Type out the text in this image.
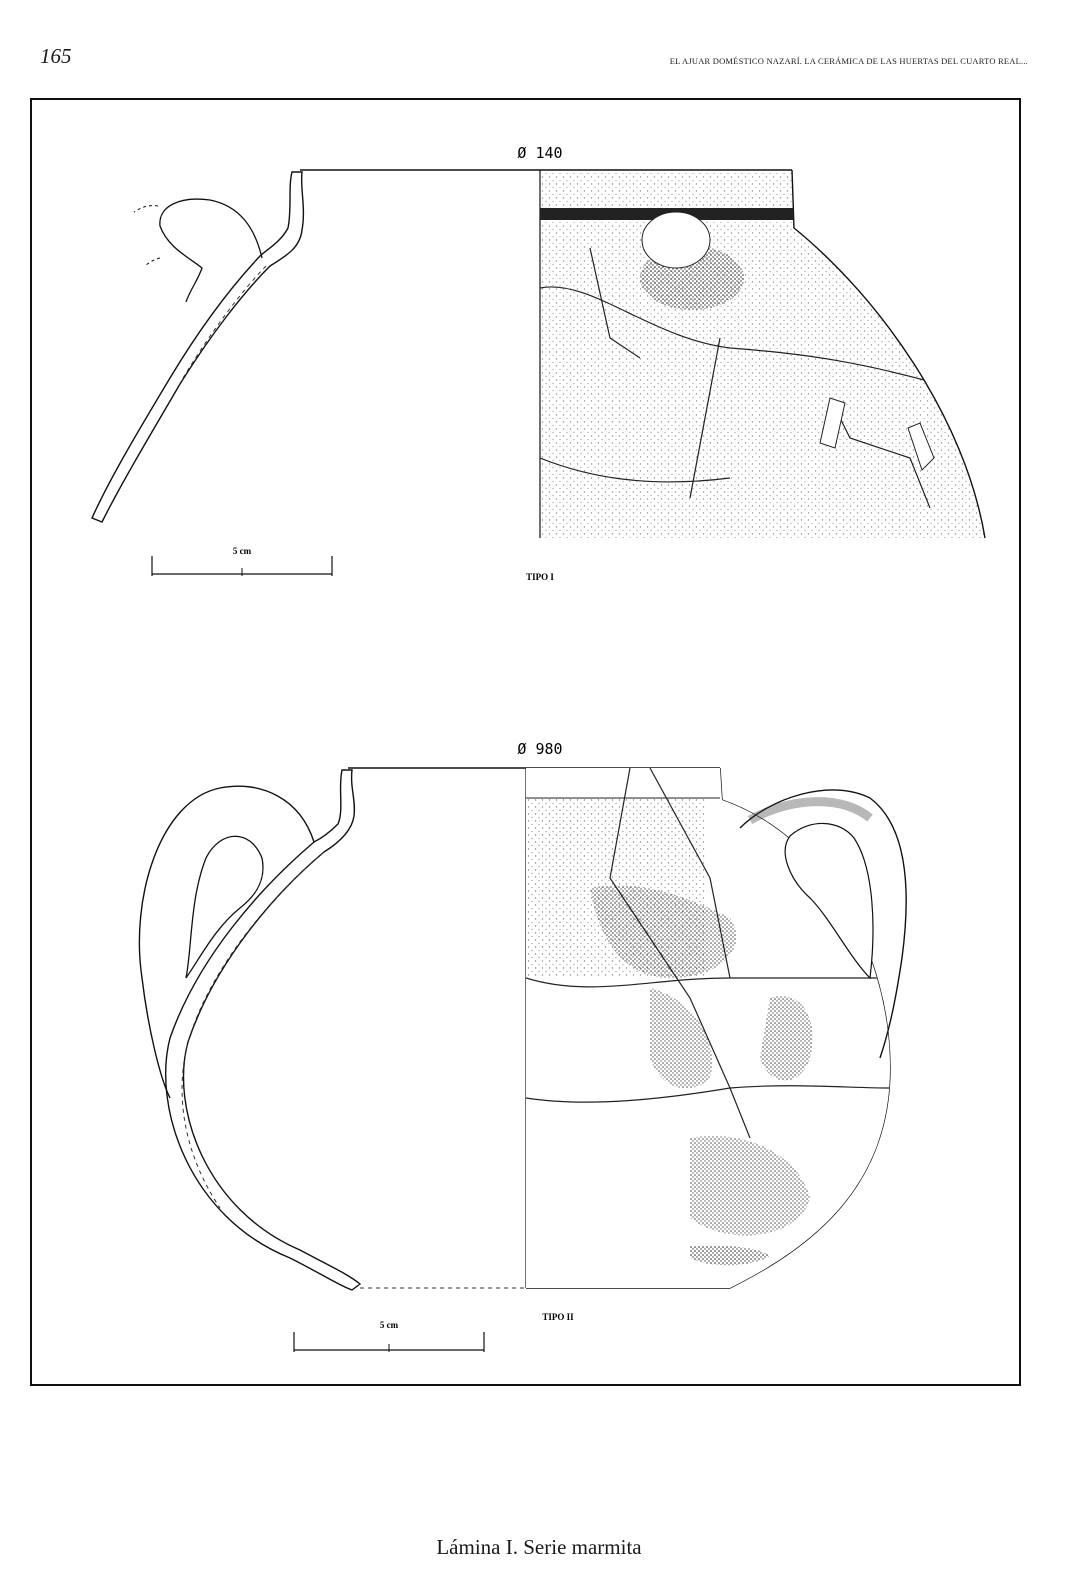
165	EL AJUAR DOMÉSTICO NAZARÍ. LA CERÁMICA DE LAS HUERTAS DEL CUARTO REAL...
Ø 140
5 cm
TIPO I
Ø 980
5 cm
TIPO II
Lámina I. Serie marmita
